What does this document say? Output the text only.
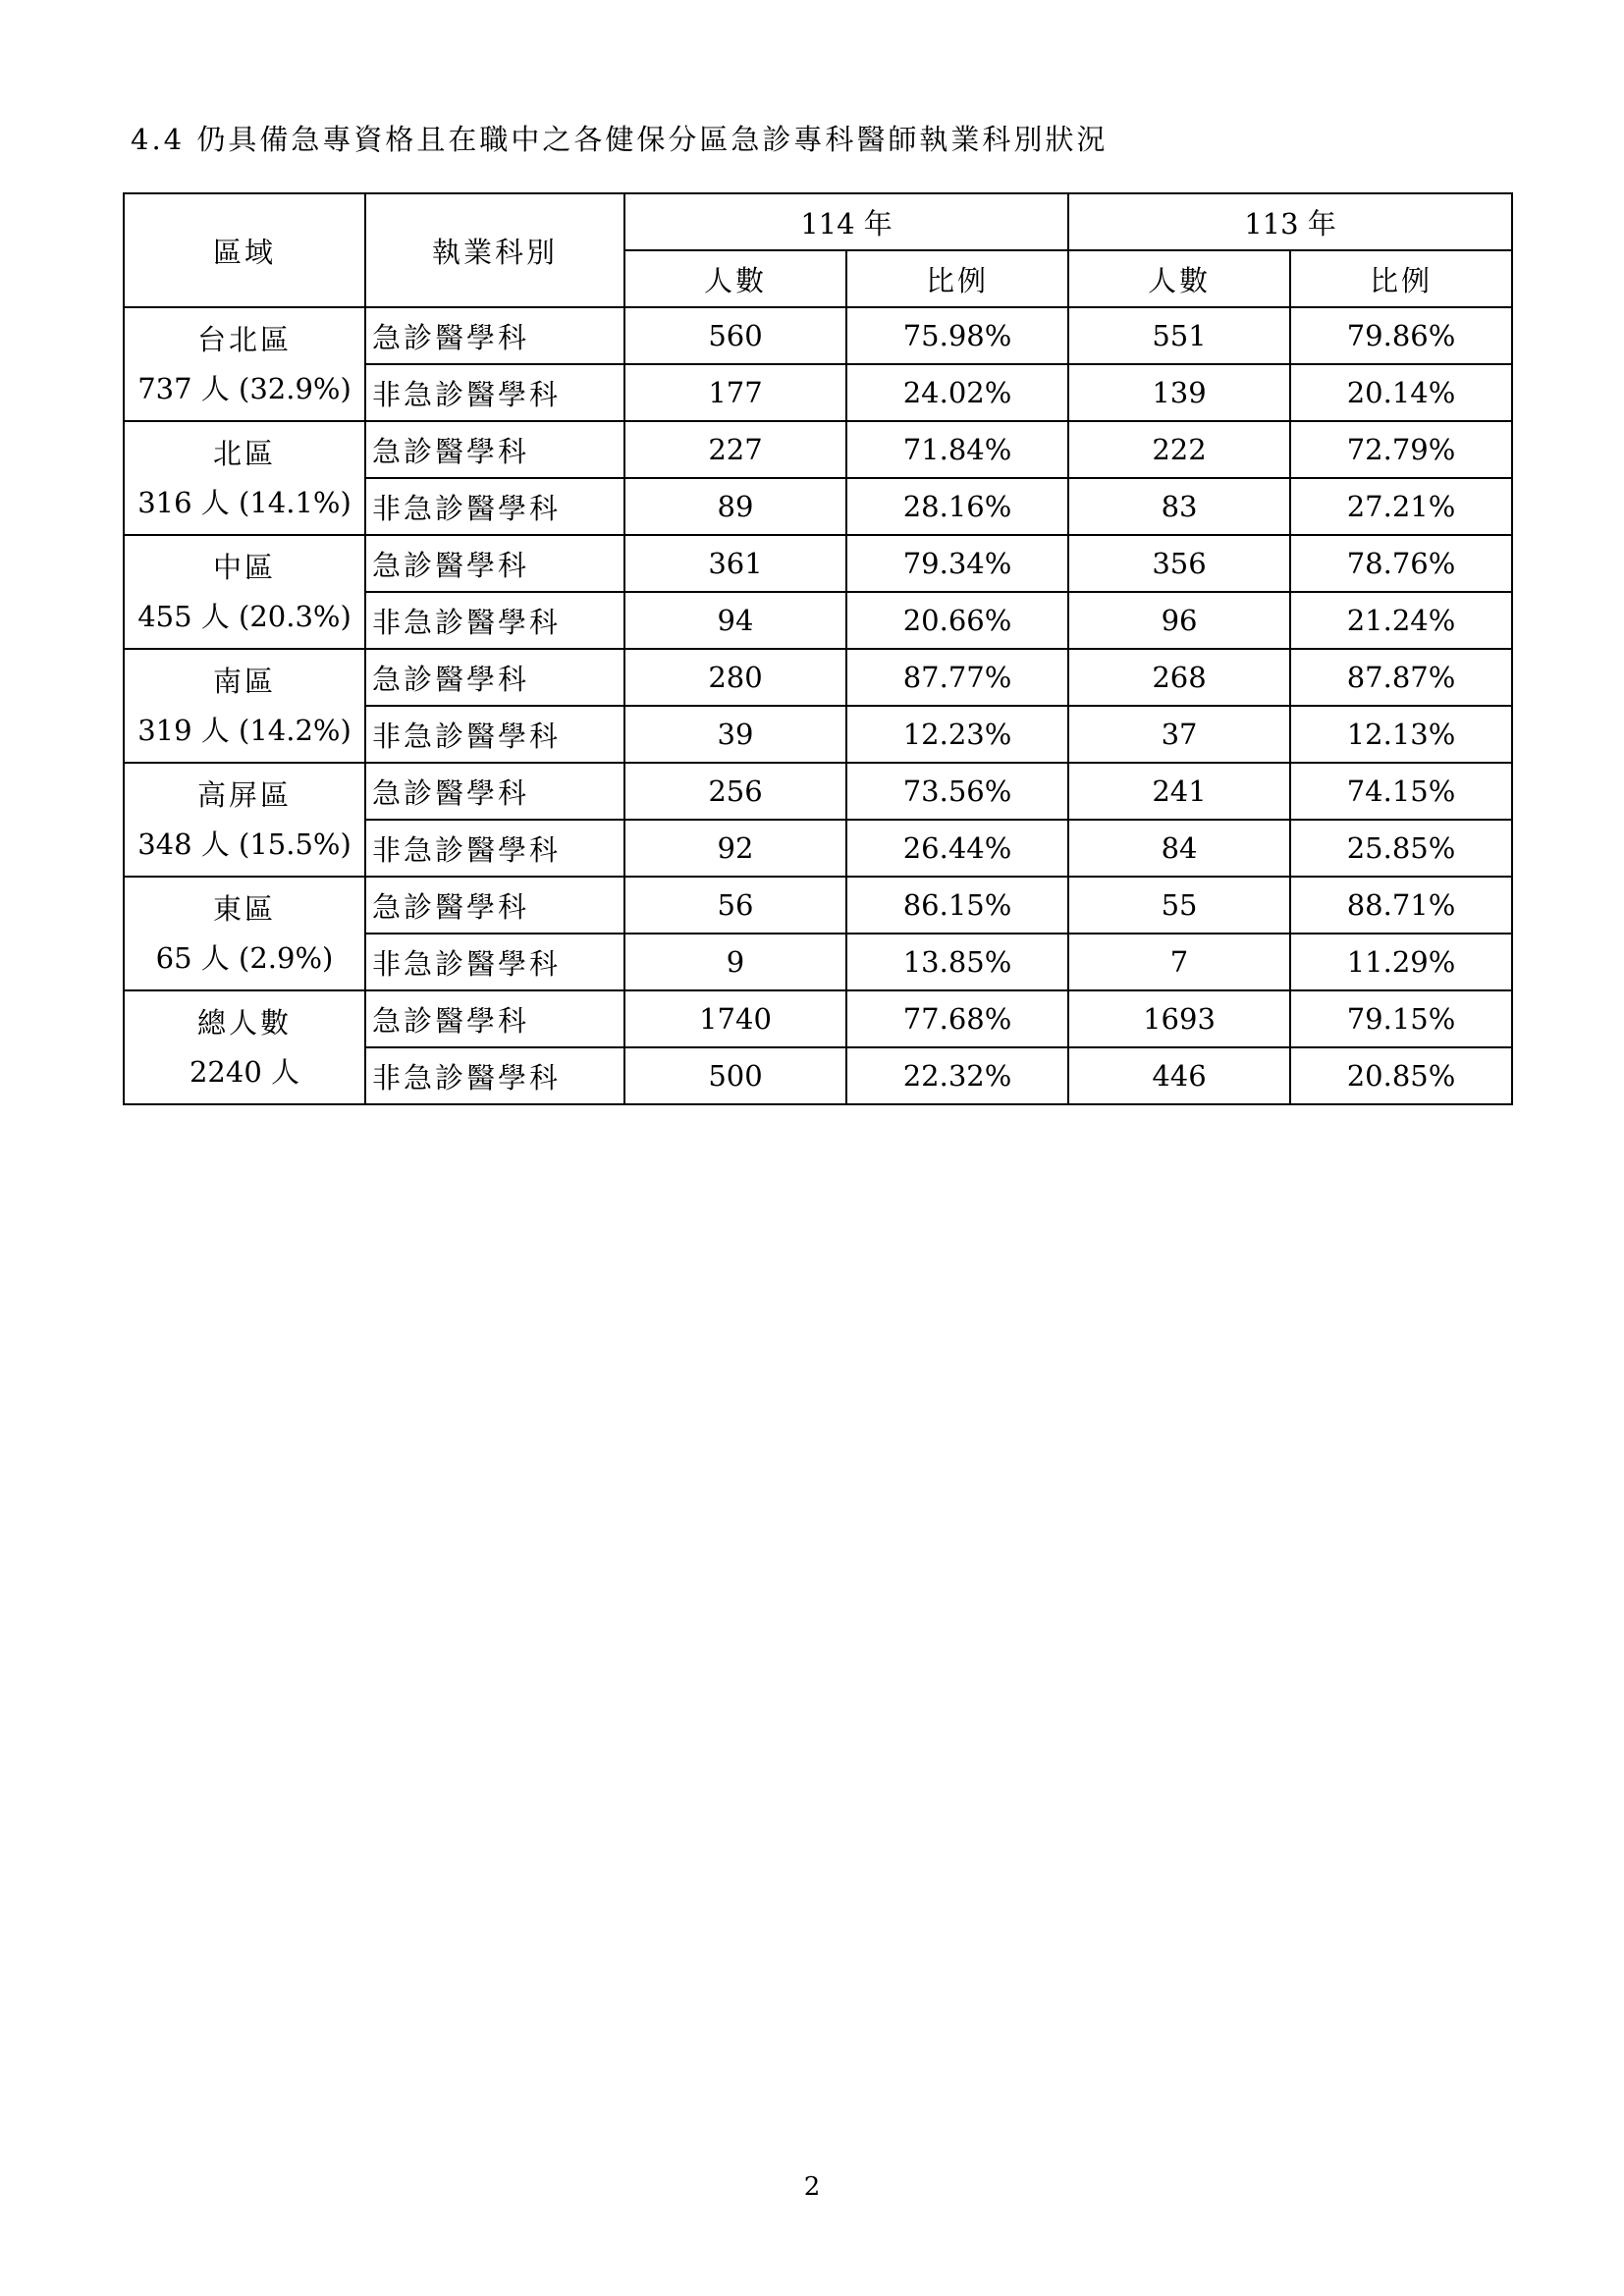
4.4 仍具備急專資格且在職中之各健保分區急診專科醫師執業科別狀況
區域	執業科別	114 年		113 年	
		人數	比例	人數	比例

台北區
737 人 (32.9%)	急診醫學科	560	75.98%	551	79.86%
	非急診醫學科	177	24.02%	139	20.14%

北區
316 人 (14.1%)	急診醫學科	227	71.84%	222	72.79%
	非急診醫學科	89	28.16%	83	27.21%

中區
455 人 (20.3%)	急診醫學科	361	79.34%	356	78.76%
	非急診醫學科	94	20.66%	96	21.24%

南區
319 人 (14.2%)	急診醫學科	280	87.77%	268	87.87%
	非急診醫學科	39	12.23%	37	12.13%

高屏區
348 人 (15.5%)	急診醫學科	256	73.56%	241	74.15%
	非急診醫學科	92	26.44%	84	25.85%

東區
65 人 (2.9%)	急診醫學科	56	86.15%	55	88.71%
	非急診醫學科	9	13.85%	7	11.29%

總人數
2240 人	急診醫學科	1740	77.68%	1693	79.15%
	非急診醫學科	500	22.32%	446	20.85%
2
